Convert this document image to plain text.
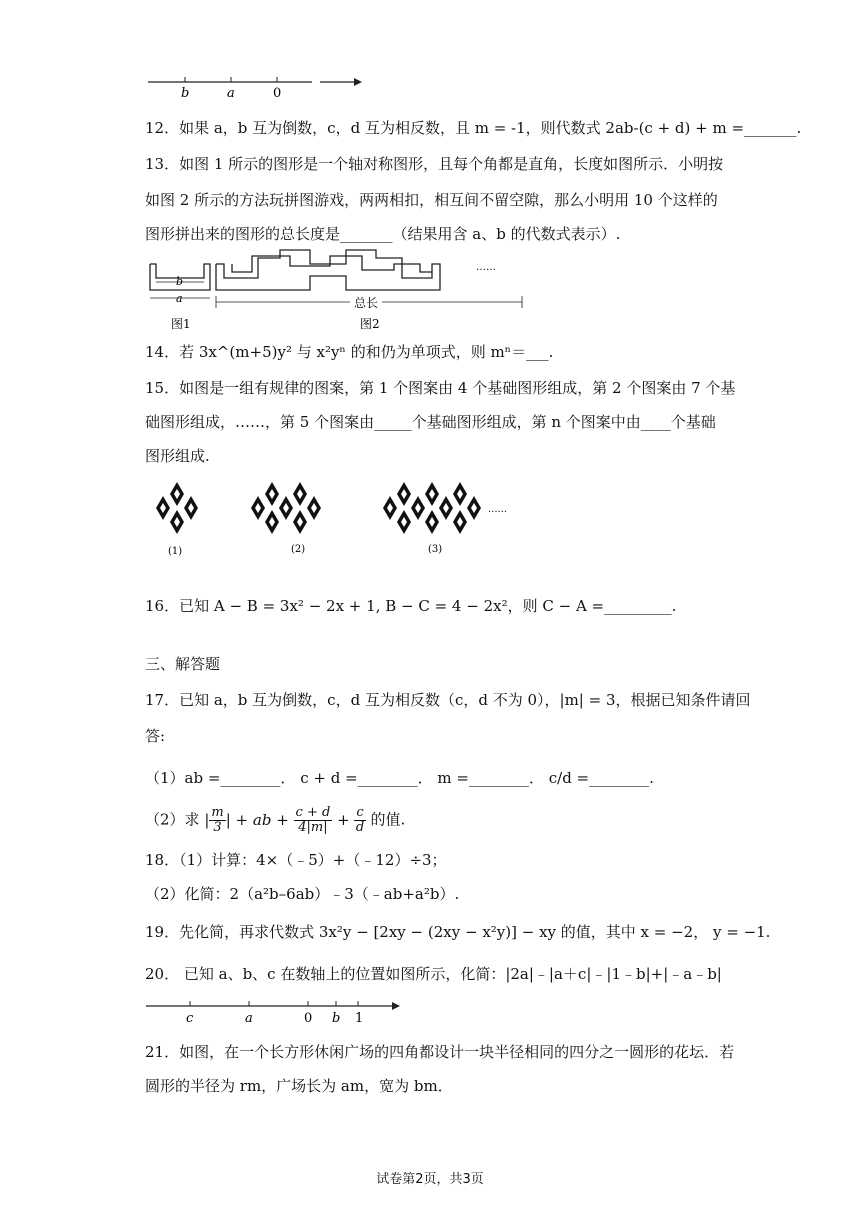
b	a	0
12．如果 a，b 互为倒数，c，d 互为相反数，且 m = -1，则代数式 2ab-(c + d) + m =_______.
13．如图 1 所示的图形是一个轴对称图形，且每个角都是直角，长度如图所示．小明按
如图 2 所示的方法玩拼图游戏，两两相扣，相互间不留空隙，那么小明用 10 个这样的
图形拼出来的图形的总长度是_______（结果用含 a、b 的代数式表示）.
b
a
图1
总长
图2
……
14．若 3x^(m+5)y² 与 x²yⁿ 的和仍为单项式，则 mⁿ＝___.
15．如图是一组有规律的图案，第 1 个图案由 4 个基础图形组成，第 2 个图案由 7 个基
础图形组成，……，第 5 个图案由_____个基础图形组成，第 n 个图案中由____个基础
图形组成.
(1)	(2)	(3)
......
16．已知 A − B = 3x² − 2x + 1, B − C = 4 − 2x²，则 C − A =_________.
三、解答题
17．已知 a，b 互为倒数，c，d 互为相反数（c，d 不为 0），|m| = 3，根据已知条件请回
答:
（1）ab =________． c + d =________． m =________． c/d =________.
（2）求 | $\frac{m}{3}$ | + ab + $\frac{c + d}{4|m|} + \frac{c}{d}$ 的值.
18．（1）计算：4×（﹣5）+（﹣12）÷3；
（2）化简：2（a²b–6ab）﹣3（﹣ab+a²b）.
19．先化简，再求代数式 3x²y − [2xy − (2xy − x²y)] − xy 的值，其中 x = −2， y = −1.
20． 已知 a、b、c 在数轴上的位置如图所示，化简：|2a|﹣|a＋c|﹣|1﹣b|+|﹣a﹣b|
c	a	0 b 1
21．如图，在一个长方形休闲广场的四角都设计一块半径相同的四分之一圆形的花坛．若
圆形的半径为 rm，广场长为 am，宽为 bm．
试卷第2页，共3页
